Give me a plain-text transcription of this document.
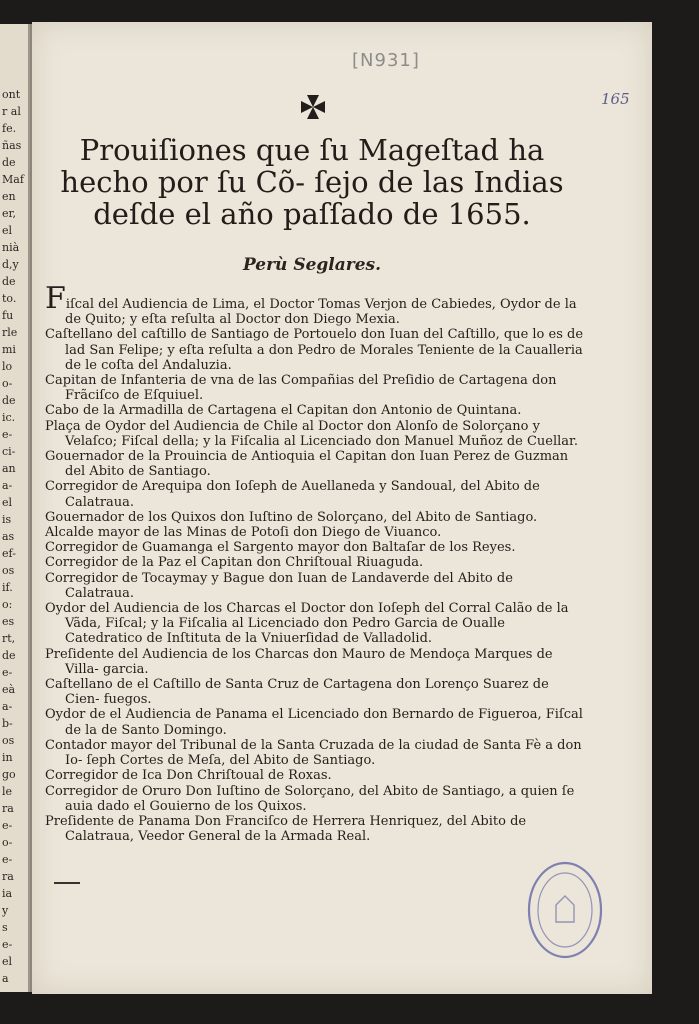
ont
r al
fe.
ñas
de
Maf
en
er,
el
nià
d,y
de
to.
fu
rle
mi
lo
o-
de
ic.
e-
ci-
an
a-
el
is
as
ef-
os
if.
o:
es
rt,
de
e-
eà
a-
b-
os
in
go
le
ra
e-
o-
e-
ra
ia
y
s
e-
el
a
[N931]
165
Prouiſiones que ſu Mageſtad ha hecho por ſu Cõ- ſejo de las Indias deſde el año paſſado de 1655.
Perù Seglares.

Fiſcal del Audiencia de Lima, el Doctor Tomas Verjon de Cabiedes, Oydor de la de Quito; y eſta reſulta al Doctor don Diego Mexia.

Caſtellano del caſtillo de Santiago de Portouelo don Iuan del Caſtillo, que lo es de lad San Felipe; y eſta reſulta a don Pedro de Morales Teniente de la Caualleria de le coſta del Andaluzia.

Capitan de Infanteria de vna de las Compañias del Preſidio de Cartagena don Frãciſco de Eſquiuel.

Cabo de la Armadilla de Cartagena el Capitan don Antonio de Quintana.

Plaça de Oydor del Audiencia de Chile al Doctor don Alonſo de Solorçano y Velaſco; Fiſcal della; y la Fiſcalia al Licenciado don Manuel Muñoz de Cuellar.

Gouernador de la Prouincia de Antioquia el Capitan don Iuan Perez de Guzman del Abito de Santiago.

Corregidor de Arequipa don Ioſeph de Auellaneda y Sandoual, del Abito de Calatraua.

Gouernador de los Quixos don Iuſtino de Solorçano, del Abito de Santiago.

Alcalde mayor de las Minas de Potoſi don Diego de Viuanco.

Corregidor de Guamanga el Sargento mayor don Baltaſar de los Reyes.

Corregidor de la Paz el Capitan don Chriſtoual Riuaguda.

Corregidor de Tocaymay y Bague don Iuan de Landaverde del Abito de Calatraua.

Oydor del Audiencia de los Charcas el Doctor don Ioſeph del Corral Calão de la Vãda, Fiſcal; y la Fiſcalia al Licenciado don Pedro Garcia de Oualle Catedratico de Inſtituta de la Vniuerſidad de Valladolid.

Preſidente del Audiencia de los Charcas don Mauro de Mendoça Marques de Villa- garcia.

Caſtellano de el Caſtillo de Santa Cruz de Cartagena don Lorenço Suarez de Cien- fuegos.

Oydor de el Audiencia de Panama el Licenciado don Bernardo de Figueroa, Fiſcal de la de Santo Domingo.

Contador mayor del Tribunal de la Santa Cruzada de la ciudad de Santa Fè a don Io- ſeph Cortes de Meſa, del Abito de Santiago.

Corregidor de Ica Don Chriſtoual de Roxas.

Corregidor de Oruro Don Iuſtino de Solorçano, del Abito de Santiago, a quien ſe auia dado el Gouierno de los Quixos.

Preſidente de Panama Don Franciſco de Herrera Henriquez, del Abito de Calatraua, Veedor General de la Armada Real.
